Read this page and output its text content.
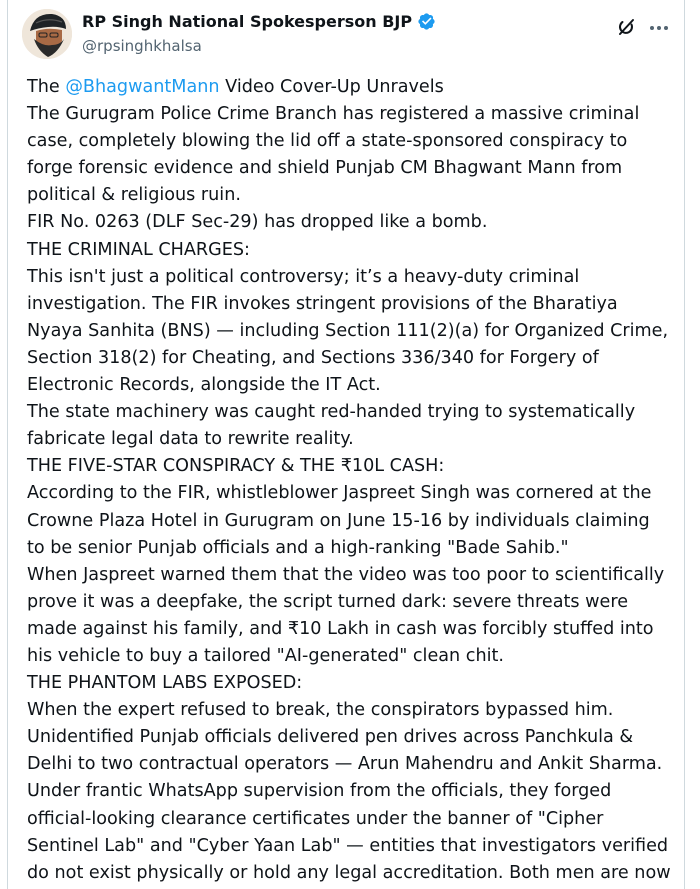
RP Singh National Spokesperson BJP
@rpsinghkhalsa

The @BhagwantMann Video Cover-Up Unravels

The Gurugram Police Crime Branch has registered a massive criminal case, completely blowing the lid off a state-sponsored conspiracy to forge forensic evidence and shield Punjab CM Bhagwant Mann from political & religious ruin.

FIR No. 0263 (DLF Sec-29) has dropped like a bomb.

THE CRIMINAL CHARGES:

This isn't just a political controversy; it’s a heavy-duty criminal investigation. The FIR invokes stringent provisions of the Bharatiya Nyaya Sanhita (BNS) — including Section 111(2)(a) for Organized Crime, Section 318(2) for Cheating, and Sections 336/340 for Forgery of Electronic Records, alongside the IT Act.

The state machinery was caught red-handed trying to systematically fabricate legal data to rewrite reality.

THE FIVE-STAR CONSPIRACY & THE ₹10L CASH:

According to the FIR, whistleblower Jaspreet Singh was cornered at the Crowne Plaza Hotel in Gurugram on June 15-16 by individuals claiming to be senior Punjab officials and a high-ranking "Bade Sahib."

When Jaspreet warned them that the video was too poor to scientifically prove it was a deepfake, the script turned dark: severe threats were made against his family, and ₹10 Lakh in cash was forcibly stuffed into his vehicle to buy a tailored "AI-generated" clean chit.

THE PHANTOM LABS EXPOSED:

When the expert refused to break, the conspirators bypassed him. Unidentified Punjab officials delivered pen drives across Panchkula & Delhi to two contractual operators — Arun Mahendru and Ankit Sharma. Under frantic WhatsApp supervision from the officials, they forged official-looking clearance certificates under the banner of "Cipher Sentinel Lab" and "Cyber Yaan Lab" — entities that investigators verified do not exist physically or hold any legal accreditation. Both men are now
